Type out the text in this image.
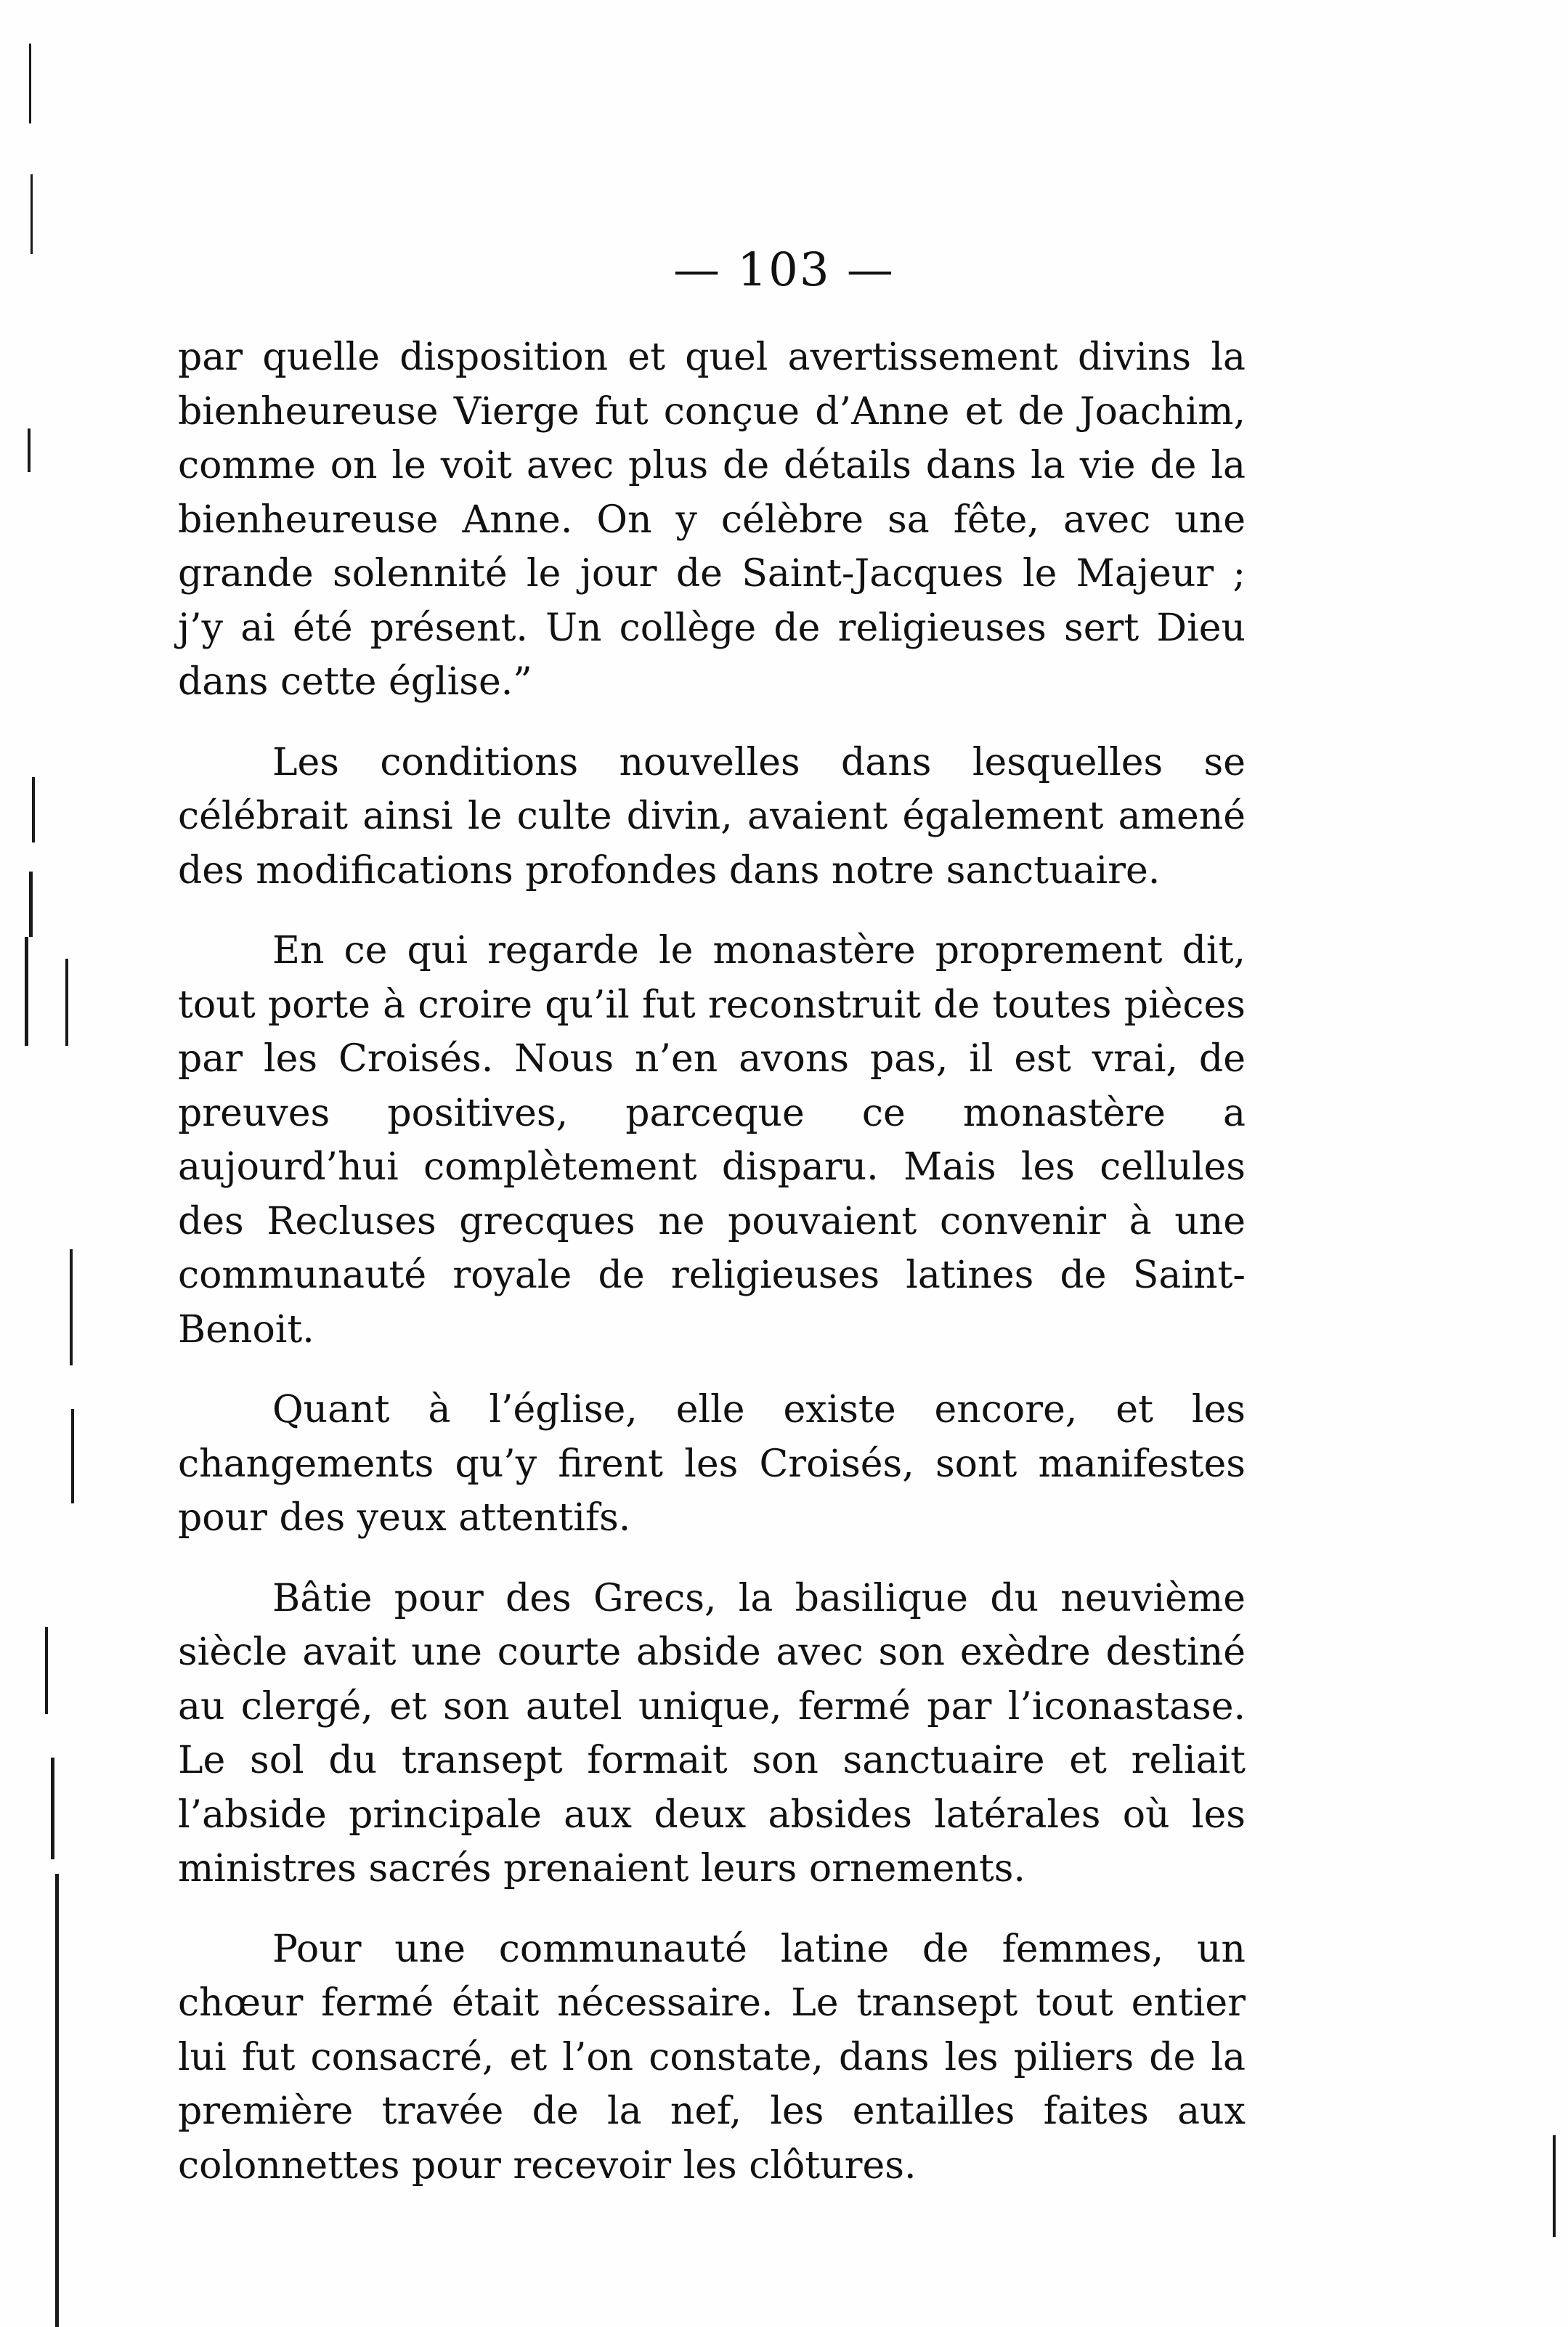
— 103 —

par quelle disposition et quel avertissement divins la bienheureuse Vierge fut conçue d’Anne et de Joachim, comme on le voit avec plus de détails dans la vie de la bienheureuse Anne. On y célèbre sa fête, avec une grande solennité le jour de Saint-Jacques le Majeur ; j’y ai été présent. Un collège de religieuses sert Dieu dans cette église.”

Les conditions nouvelles dans lesquelles se célébrait ainsi le culte divin, avaient également amené des modifications profondes dans notre sanctuaire.

En ce qui regarde le monastère proprement dit, tout porte à croire qu’il fut reconstruit de toutes pièces par les Croisés. Nous n’en avons pas, il est vrai, de preuves positives, parceque ce monastère a aujourd’hui complètement disparu. Mais les cellules des Recluses grecques ne pouvaient convenir à une communauté royale de religieuses latines de Saint-Benoit.

Quant à l’église, elle existe encore, et les changements qu’y firent les Croisés, sont manifestes pour des yeux attentifs.

Bâtie pour des Grecs, la basilique du neuvième siècle avait une courte abside avec son exèdre destiné au clergé, et son autel unique, fermé par l’iconastase. Le sol du transept formait son sanctuaire et reliait l’abside principale aux deux absides latérales où les ministres sacrés prenaient leurs ornements.

Pour une communauté latine de femmes, un chœur fermé était nécessaire. Le transept tout entier lui fut consacré, et l’on constate, dans les piliers de la première travée de la nef, les entailles faites aux colonnettes pour recevoir les clôtures.
